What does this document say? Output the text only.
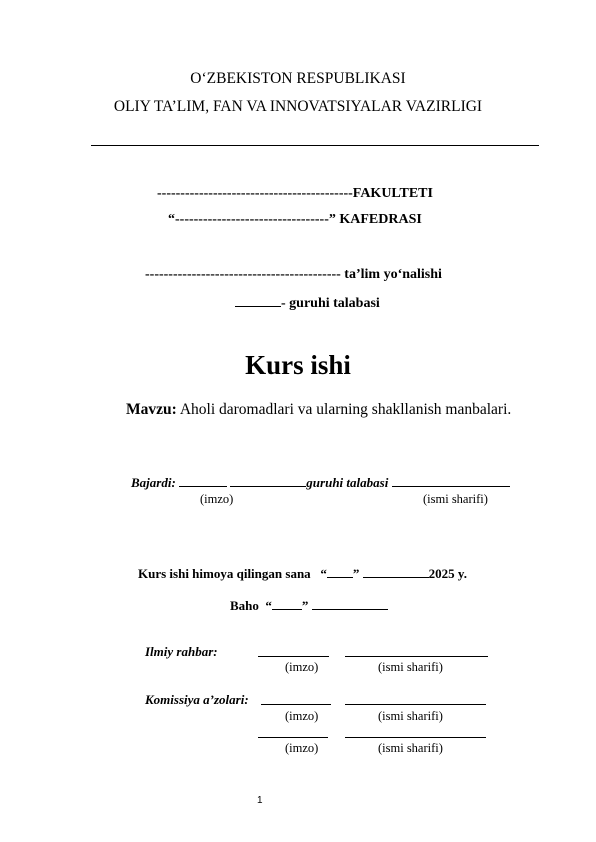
O‘ZBEKISTON RESPUBLIKASI
OLIY TA’LIM, FAN VA INNOVATSIYALAR VAZIRLIGI
------------------------------------------FAKULTETI
“---------------------------------” KAFEDRASI
------------------------------------------ ta’lim yo‘nalishi
- guruhi talabasi
Kurs ishi
Mavzu: Aholi daromadlari va ularning shakllanish manbalari.
Bajardi:	guruhi talabasi
(imzo)	(ismi sharifi)
Kurs ishi himoya qilingan sana “ ”	2025 y.
Baho “ ”
Ilmiy rahbar:
(imzo)	(ismi sharifi)
Komissiya a’zolari:
(imzo)	(ismi sharifi)
(imzo)	(ismi sharifi)
1
